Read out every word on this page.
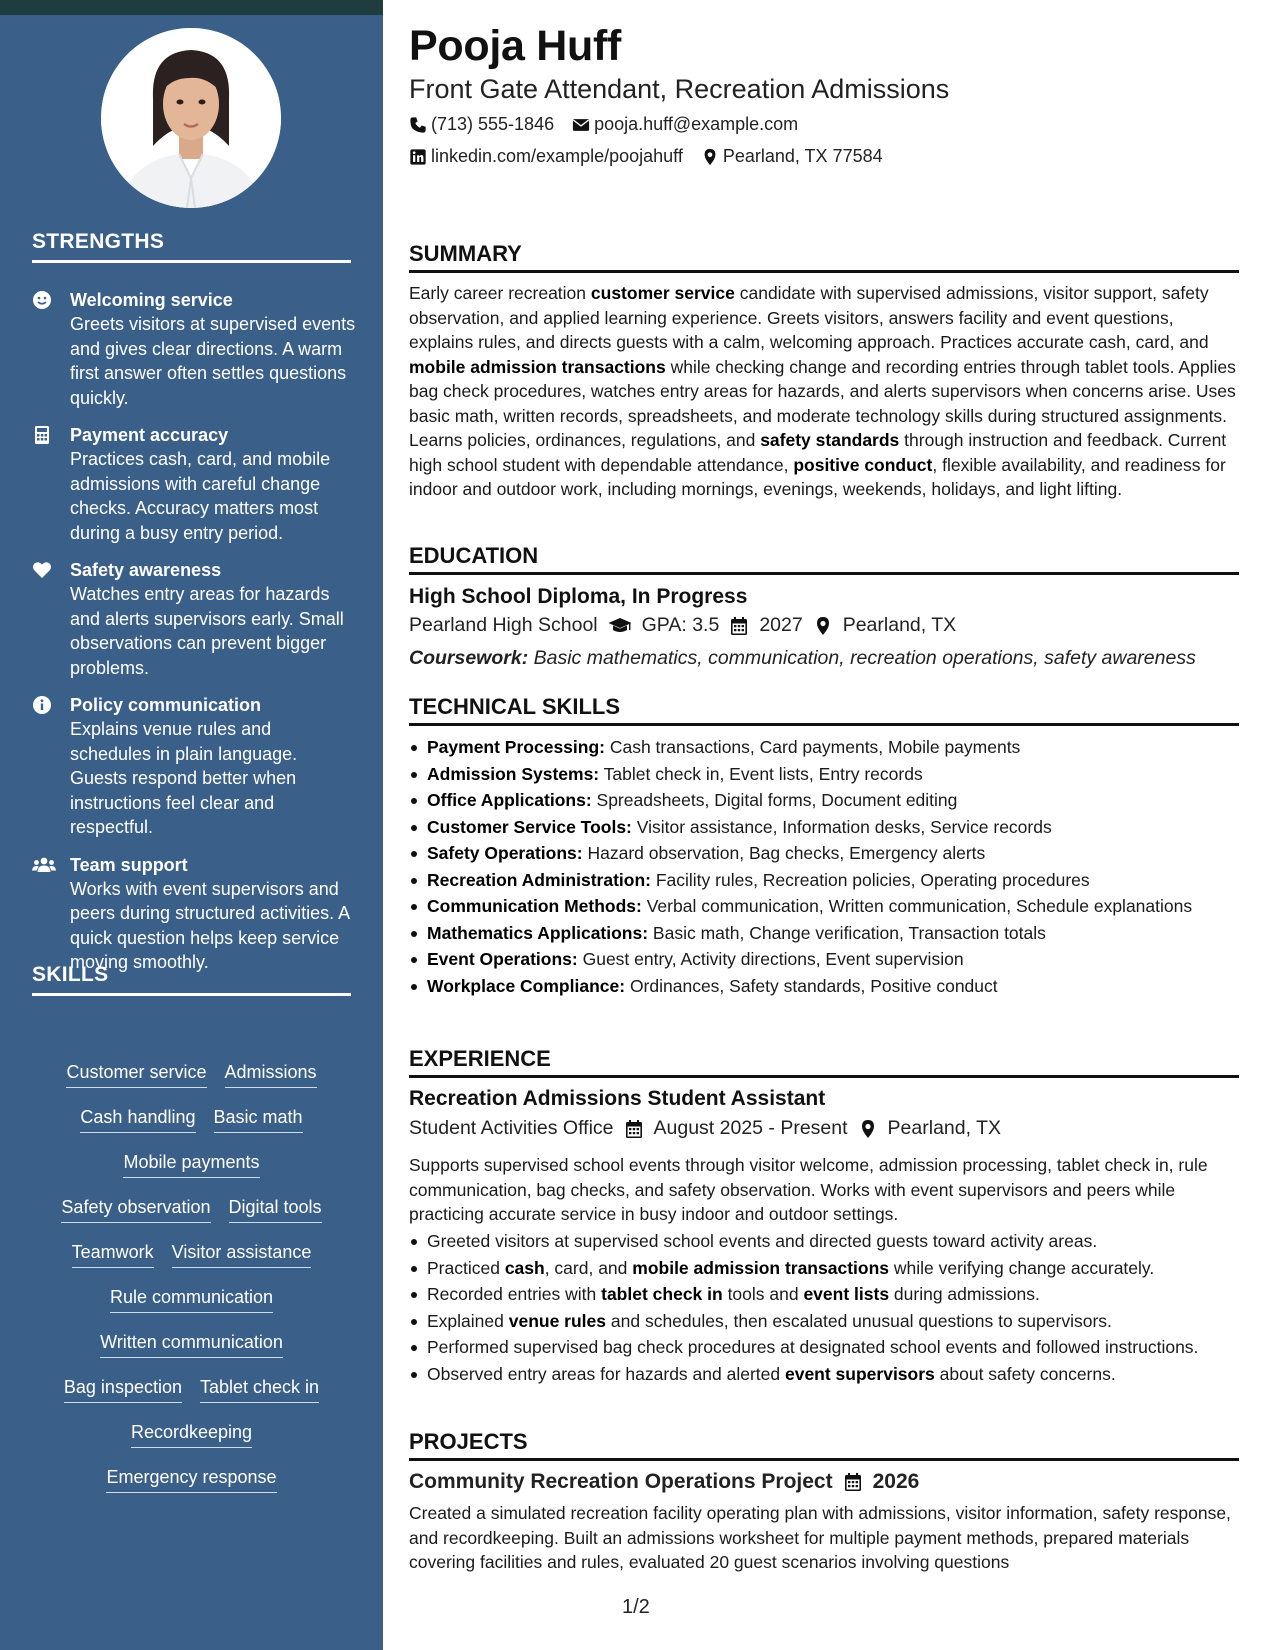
STRENGTHS
Welcoming service
Greets visitors at supervised events and gives clear directions. A warm first answer often settles questions quickly.
Payment accuracy
Practices cash, card, and mobile admissions with careful change checks. Accuracy matters most during a busy entry period.
Safety awareness
Watches entry areas for hazards and alerts supervisors early. Small observations can prevent bigger problems.
Policy communication
Explains venue rules and schedules in plain language. Guests respond better when instructions feel clear and respectful.
Team support
Works with event supervisors and peers during structured activities. A quick question helps keep service moving smoothly.
SKILLS
Customer service Admissions
Cash handling Basic math
Mobile payments
Safety observation Digital tools
Teamwork Visitor assistance
Rule communication
Written communication
Bag inspection Tablet check in
Recordkeeping
Emergency response
Pooja Huff
Front Gate Attendant, Recreation Admissions
(713) 555-1846 pooja.huff@example.com
linkedin.com/example/poojahuff Pearland, TX 77584
SUMMARY
Early career recreation customer service candidate with supervised admissions, visitor support, safety observation, and applied learning experience. Greets visitors, answers facility and event questions, explains rules, and directs guests with a calm, welcoming approach. Practices accurate cash, card, and mobile admission transactions while checking change and recording entries through tablet tools. Applies bag check procedures, watches entry areas for hazards, and alerts supervisors when concerns arise. Uses basic math, written records, spreadsheets, and moderate technology skills during structured assignments. Learns policies, ordinances, regulations, and safety standards through instruction and feedback. Current high school student with dependable attendance, positive conduct, flexible availability, and readiness for indoor and outdoor work, including mornings, evenings, weekends, holidays, and light lifting.
EDUCATION
High School Diploma, In Progress
Pearland High School GPA: 3.5 2027 Pearland, TX
Coursework: Basic mathematics, communication, recreation operations, safety awareness
TECHNICAL SKILLS
Payment Processing: Cash transactions, Card payments, Mobile payments
Admission Systems: Tablet check in, Event lists, Entry records
Office Applications: Spreadsheets, Digital forms, Document editing
Customer Service Tools: Visitor assistance, Information desks, Service records
Safety Operations: Hazard observation, Bag checks, Emergency alerts
Recreation Administration: Facility rules, Recreation policies, Operating procedures
Communication Methods: Verbal communication, Written communication, Schedule explanations
Mathematics Applications: Basic math, Change verification, Transaction totals
Event Operations: Guest entry, Activity directions, Event supervision
Workplace Compliance: Ordinances, Safety standards, Positive conduct
EXPERIENCE
Recreation Admissions Student Assistant
Student Activities Office August 2025 - Present Pearland, TX
Supports supervised school events through visitor welcome, admission processing, tablet check in, rule communication, bag checks, and safety observation. Works with event supervisors and peers while practicing accurate service in busy indoor and outdoor settings.
Greeted visitors at supervised school events and directed guests toward activity areas.
Practiced cash, card, and mobile admission transactions while verifying change accurately.
Recorded entries with tablet check in tools and event lists during admissions.
Explained venue rules and schedules, then escalated unusual questions to supervisors.
Performed supervised bag check procedures at designated school events and followed instructions.
Observed entry areas for hazards and alerted event supervisors about safety concerns.
PROJECTS
Community Recreation Operations Project 2026
Created a simulated recreation facility operating plan with admissions, visitor information, safety response, and recordkeeping. Built an admissions worksheet for multiple payment methods, prepared materials covering facilities and rules, evaluated 20 guest scenarios involving questions
1/2
